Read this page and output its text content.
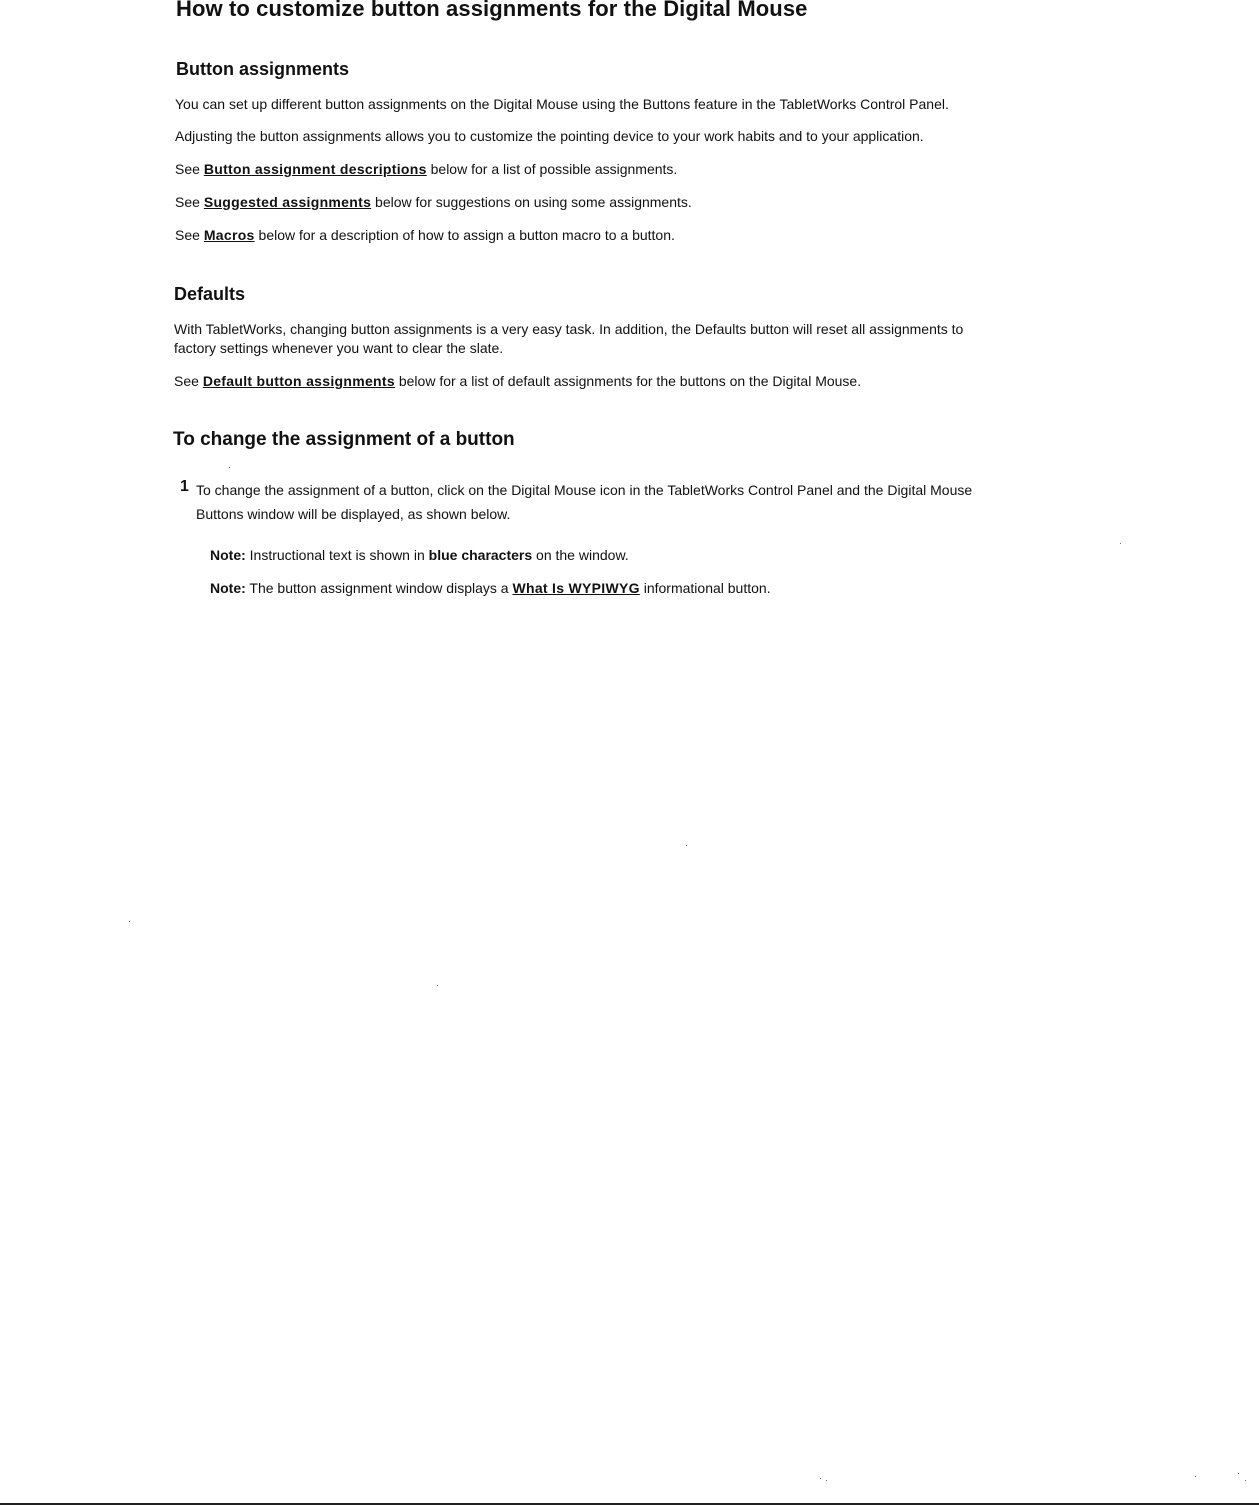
How to customize button assignments for the Digital Mouse
Button assignments

You can set up different button assignments on the Digital Mouse using the Buttons feature in the TabletWorks Control Panel.

Adjusting the button assignments allows you to customize the pointing device to your work habits and to your application.

See Button assignment descriptions below for a list of possible assignments.

See Suggested assignments below for suggestions on using some assignments.

See Macros below for a description of how to assign a button macro to a button.

Defaults

With TabletWorks, changing button assignments is a very easy task. In addition, the Defaults button will reset all assignments to

factory settings whenever you want to clear the slate.

See Default button assignments below for a list of default assignments for the buttons on the Digital Mouse.

To change the assignment of a button
1 To change the assignment of a button, click on the Digital Mouse icon in the TabletWorks Control Panel and the Digital Mouse

Buttons window will be displayed, as shown below.

Note: Instructional text is shown in blue characters on the window.

Note: The button assignment window displays a What Is WYPIWYG informational button.
